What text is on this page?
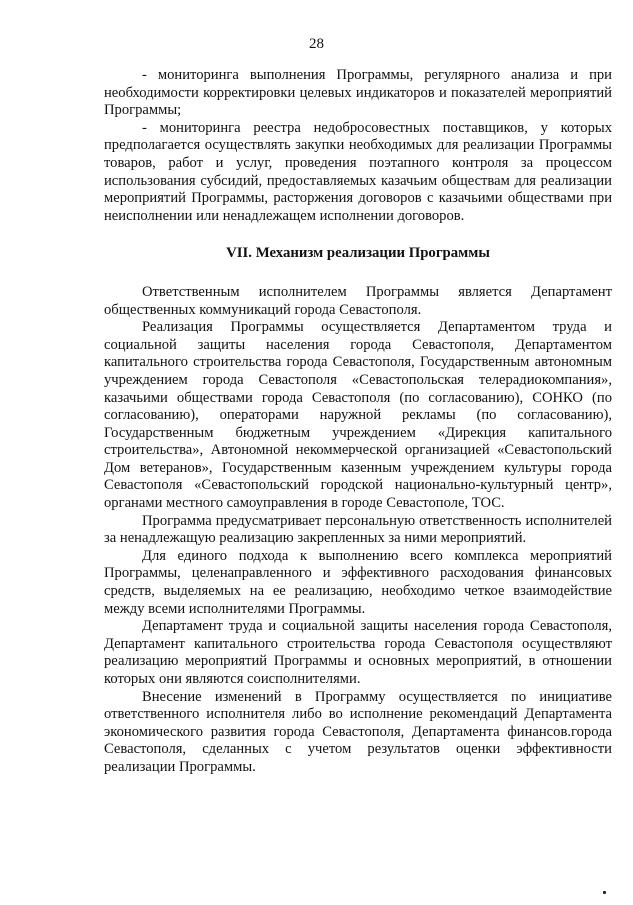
28

- мониторинга выполнения Программы, регулярного анализа и при необходимости корректировки целевых индикаторов и показателей мероприятий Программы;

- мониторинга реестра недобросовестных поставщиков, у которых предполагается осуществлять закупки необходимых для реализации Программы товаров, работ и услуг, проведения поэтапного контроля за процессом использования субсидий, предоставляемых казачьим обществам для реализации мероприятий Программы, расторжения договоров с казачьими обществами при неисполнении или ненадлежащем исполнении договоров.

VII. Механизм реализации Программы

Ответственным исполнителем Программы является Департамент общественных коммуникаций города Севастополя.

Реализация Программы осуществляется Департаментом труда и социальной защиты населения города Севастополя, Департаментом капитального строительства города Севастополя, Государственным автономным учреждением города Севастополя «Севастопольская телерадиокомпания», казачьими обществами города Севастополя (по согласованию), СОНКО (по согласованию), операторами наружной рекламы (по согласованию), Государственным бюджетным учреждением «Дирекция капитального строительства», Автономной некоммерческой организацией «Севастопольский Дом ветеранов», Государственным казенным учреждением культуры города Севастополя «Севастопольский городской национально-культурный центр», органами местного самоуправления в городе Севастополе, ТОС.

Программа предусматривает персональную ответственность исполнителей за ненадлежащую реализацию закрепленных за ними мероприятий.

Для единого подхода к выполнению всего комплекса мероприятий Программы, целенаправленного и эффективного расходования финансовых средств, выделяемых на ее реализацию, необходимо четкое взаимодействие между всеми исполнителями Программы.

Департамент труда и социальной защиты населения города Севастополя, Департамент капитального строительства города Севастополя осуществляют реализацию мероприятий Программы и основных мероприятий, в отношении которых они являются соисполнителями.

Внесение изменений в Программу осуществляется по инициативе ответственного исполнителя либо во исполнение рекомендаций Департамента экономического развития города Севастополя, Департамента финансов.города Севастополя, сделанных с учетом результатов оценки эффективности реализации Программы.
